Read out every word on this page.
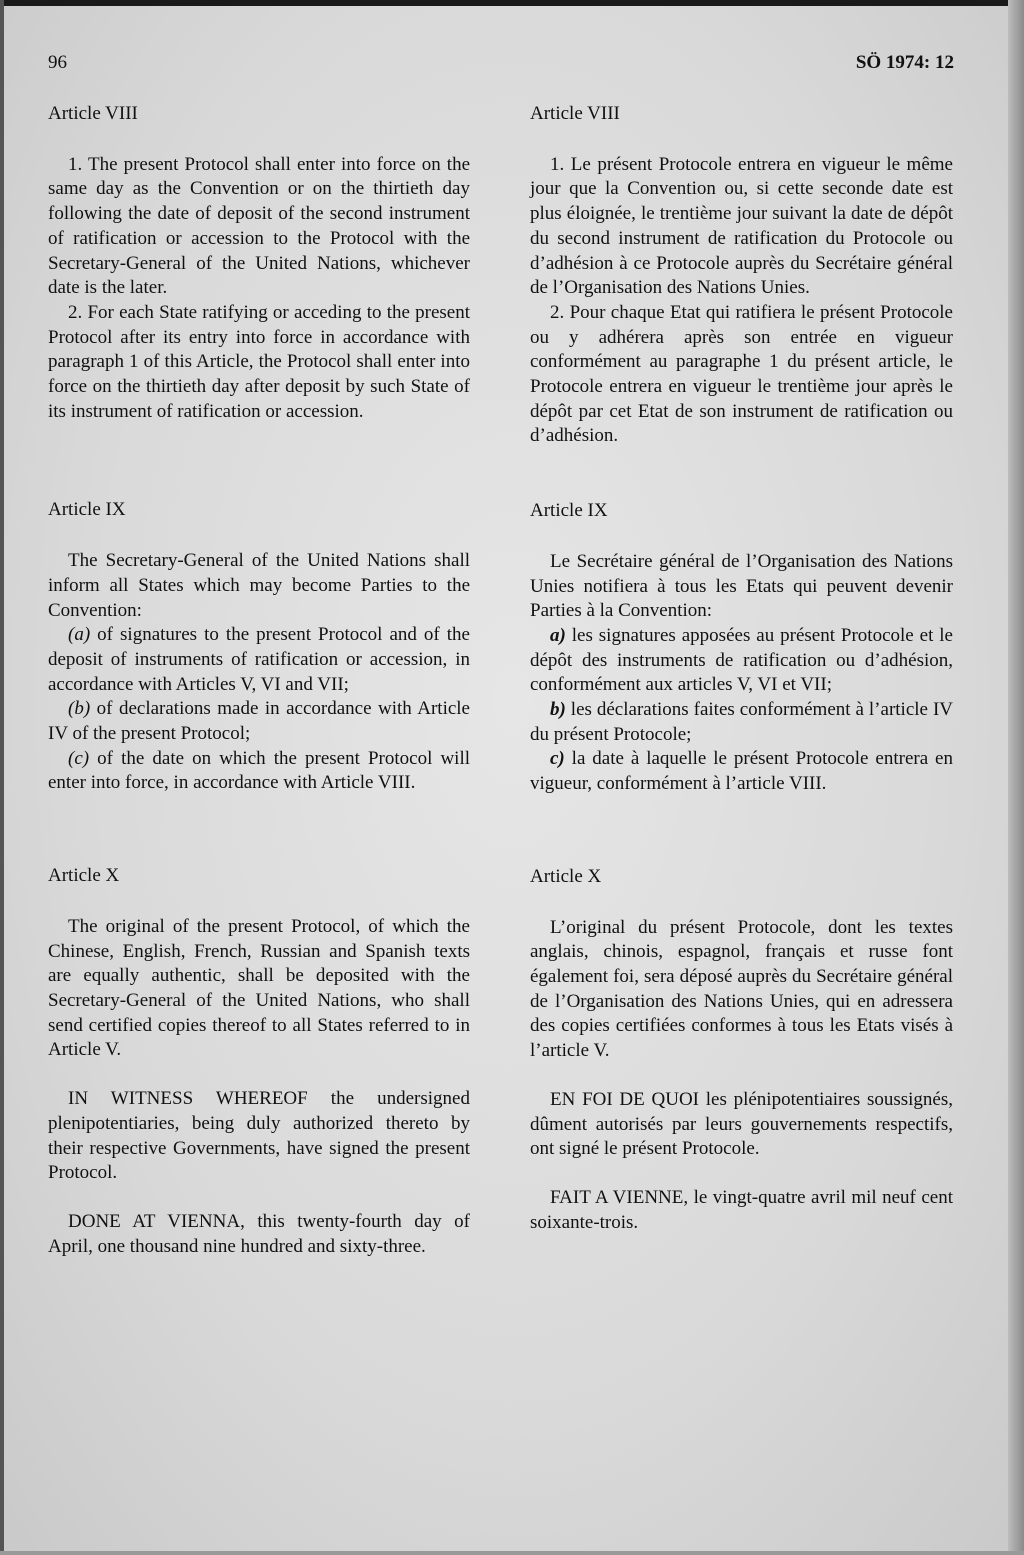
96	SÖ 1974: 12
Article VIII

1. The present Protocol shall enter into force on the same day as the Convention or on the thirtieth day following the date of deposit of the second instrument of ratification or accession to the Protocol with the Secretary-General of the United Nations, whichever date is the later.

2. For each State ratifying or acceding to the present Protocol after its entry into force in accordance with paragraph 1 of this Article, the Protocol shall enter into force on the thirtieth day after deposit by such State of its instrument of ratification or accession.

Article IX

The Secretary-General of the United Nations shall inform all States which may become Parties to the Convention:

(a) of signatures to the present Protocol and of the deposit of instruments of ratification or accession, in accordance with Articles V, VI and VII;

(b) of declarations made in accordance with Article IV of the present Protocol;

(c) of the date on which the present Protocol will enter into force, in accordance with Article VIII.

Article X

The original of the present Protocol, of which the Chinese, English, French, Russian and Spanish texts are equally authentic, shall be deposited with the Secretary-General of the United Nations, who shall send certified copies thereof to all States referred to in Article V.

IN WITNESS WHEREOF the undersigned plenipotentiaries, being duly authorized thereto by their respective Governments, have signed the present Protocol.

DONE AT VIENNA, this twenty-fourth day of April, one thousand nine hundred and sixty-three.

Article VIII

1. Le présent Protocole entrera en vigueur le même jour que la Convention ou, si cette seconde date est plus éloignée, le trentième jour suivant la date de dépôt du second instrument de ratification du Protocole ou d’adhésion à ce Protocole auprès du Secrétaire général de l’Organisation des Nations Unies.

2. Pour chaque Etat qui ratifiera le présent Protocole ou y adhérera après son entrée en vigueur conformément au paragraphe 1 du présent article, le Protocole entrera en vigueur le trentième jour après le dépôt par cet Etat de son instrument de ratification ou d’adhésion.

Article IX

Le Secrétaire général de l’Organisation des Nations Unies notifiera à tous les Etats qui peuvent devenir Parties à la Convention:

a) les signatures apposées au présent Protocole et le dépôt des instruments de ratification ou d’adhésion, conformément aux articles V, VI et VII;

b) les déclarations faites conformément à l’article IV du présent Protocole;

c) la date à laquelle le présent Protocole entrera en vigueur, conformément à l’article VIII.

Article X

L’original du présent Protocole, dont les textes anglais, chinois, espagnol, français et russe font également foi, sera déposé auprès du Secrétaire général de l’Organisation des Nations Unies, qui en adressera des copies certifiées conformes à tous les Etats visés à l’article V.

EN FOI DE QUOI les plénipotentiaires soussignés, dûment autorisés par leurs gouvernements respectifs, ont signé le présent Protocole.

FAIT A VIENNE, le vingt-quatre avril mil neuf cent soixante-trois.
